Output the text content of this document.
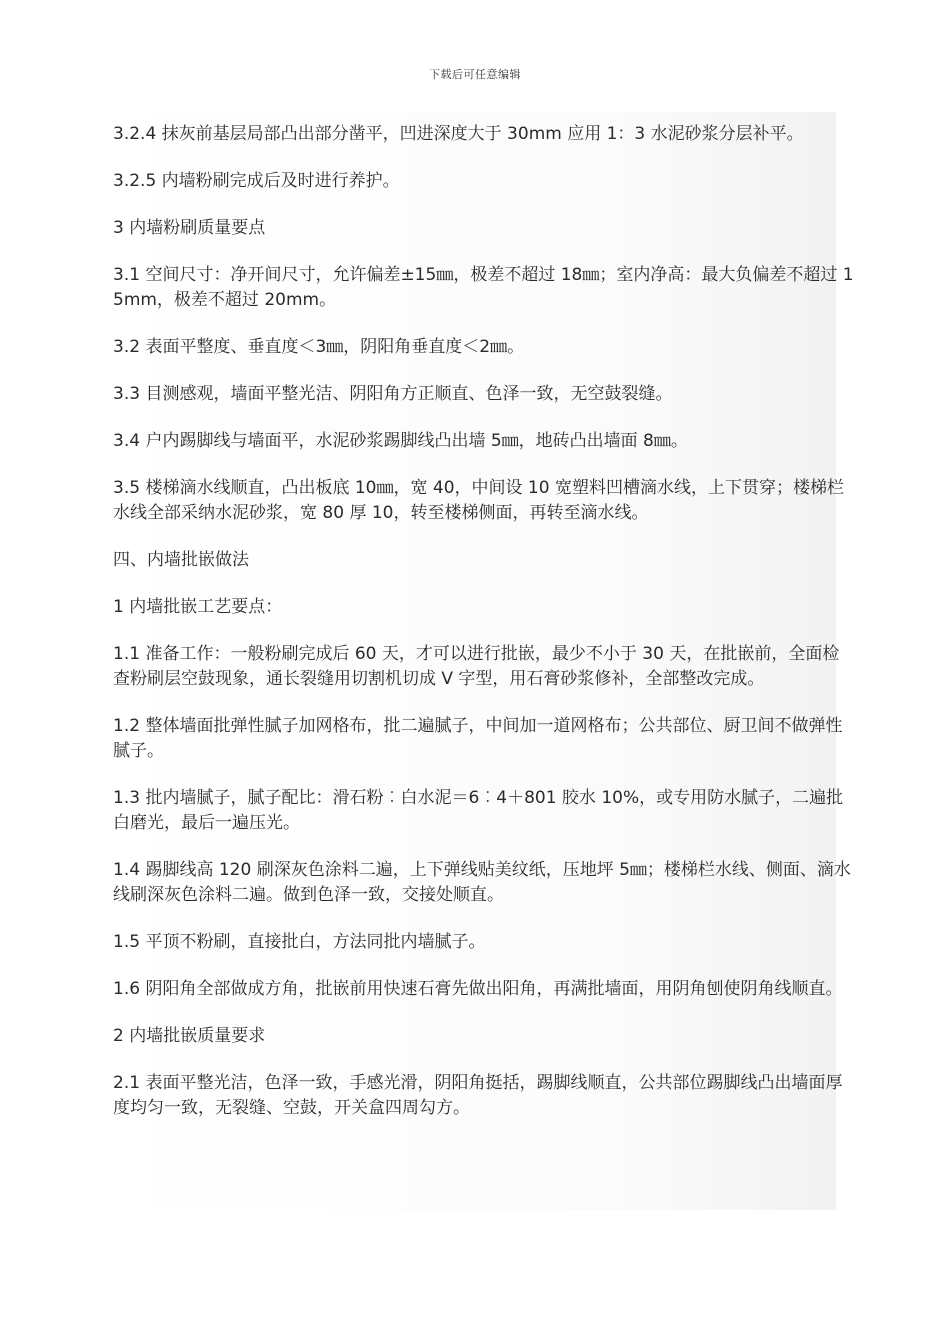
下载后可任意编辑

3.2.4 抹灰前基层局部凸出部分凿平，凹进深度大于 30mm 应用 1：3 水泥砂浆分层补平。

3.2.5 内墙粉刷完成后及时进行养护。

3 内墙粉刷质量要点

3.1 空间尺寸：净开间尺寸，允许偏差±15㎜，极差不超过 18㎜；室内净高：最大负偏差不超过 15mm，极差不超过 20mm。

3.2 表面平整度、垂直度＜3㎜，阴阳角垂直度＜2㎜。

3.3 目测感观，墙面平整光洁、阴阳角方正顺直、色泽一致，无空鼓裂缝。

3.4 户内踢脚线与墙面平，水泥砂浆踢脚线凸出墙 5㎜，地砖凸出墙面 8㎜。

3.5 楼梯滴水线顺直，凸出板底 10㎜，宽 40，中间设 10 宽塑料凹槽滴水线，上下贯穿；楼梯栏水线全部采纳水泥砂浆，宽 80 厚 10，转至楼梯侧面，再转至滴水线。

四、内墙批嵌做法

1 内墙批嵌工艺要点：

1.1 准备工作：一般粉刷完成后 60 天，才可以进行批嵌，最少不小于 30 天，在批嵌前，全面检查粉刷层空鼓现象，通长裂缝用切割机切成 V 字型，用石膏砂浆修补，全部整改完成。

1.2 整体墙面批弹性腻子加网格布，批二遍腻子，中间加一道网格布；公共部位、厨卫间不做弹性腻子。

1.3 批内墙腻子，腻子配比：滑石粉︰白水泥＝6︰4＋801 胶水 10%，或专用防水腻子，二遍批白磨光，最后一遍压光。

1.4 踢脚线高 120 刷深灰色涂料二遍，上下弹线贴美纹纸，压地坪 5㎜；楼梯栏水线、侧面、滴水线刷深灰色涂料二遍。做到色泽一致，交接处顺直。

1.5 平顶不粉刷，直接批白，方法同批内墙腻子。

1.6 阴阳角全部做成方角，批嵌前用快速石膏先做出阳角，再满批墙面，用阴角刨使阴角线顺直。

2 内墙批嵌质量要求

2.1 表面平整光洁，色泽一致，手感光滑，阴阳角挺括，踢脚线顺直，公共部位踢脚线凸出墙面厚度均匀一致，无裂缝、空鼓，开关盒四周勾方。
